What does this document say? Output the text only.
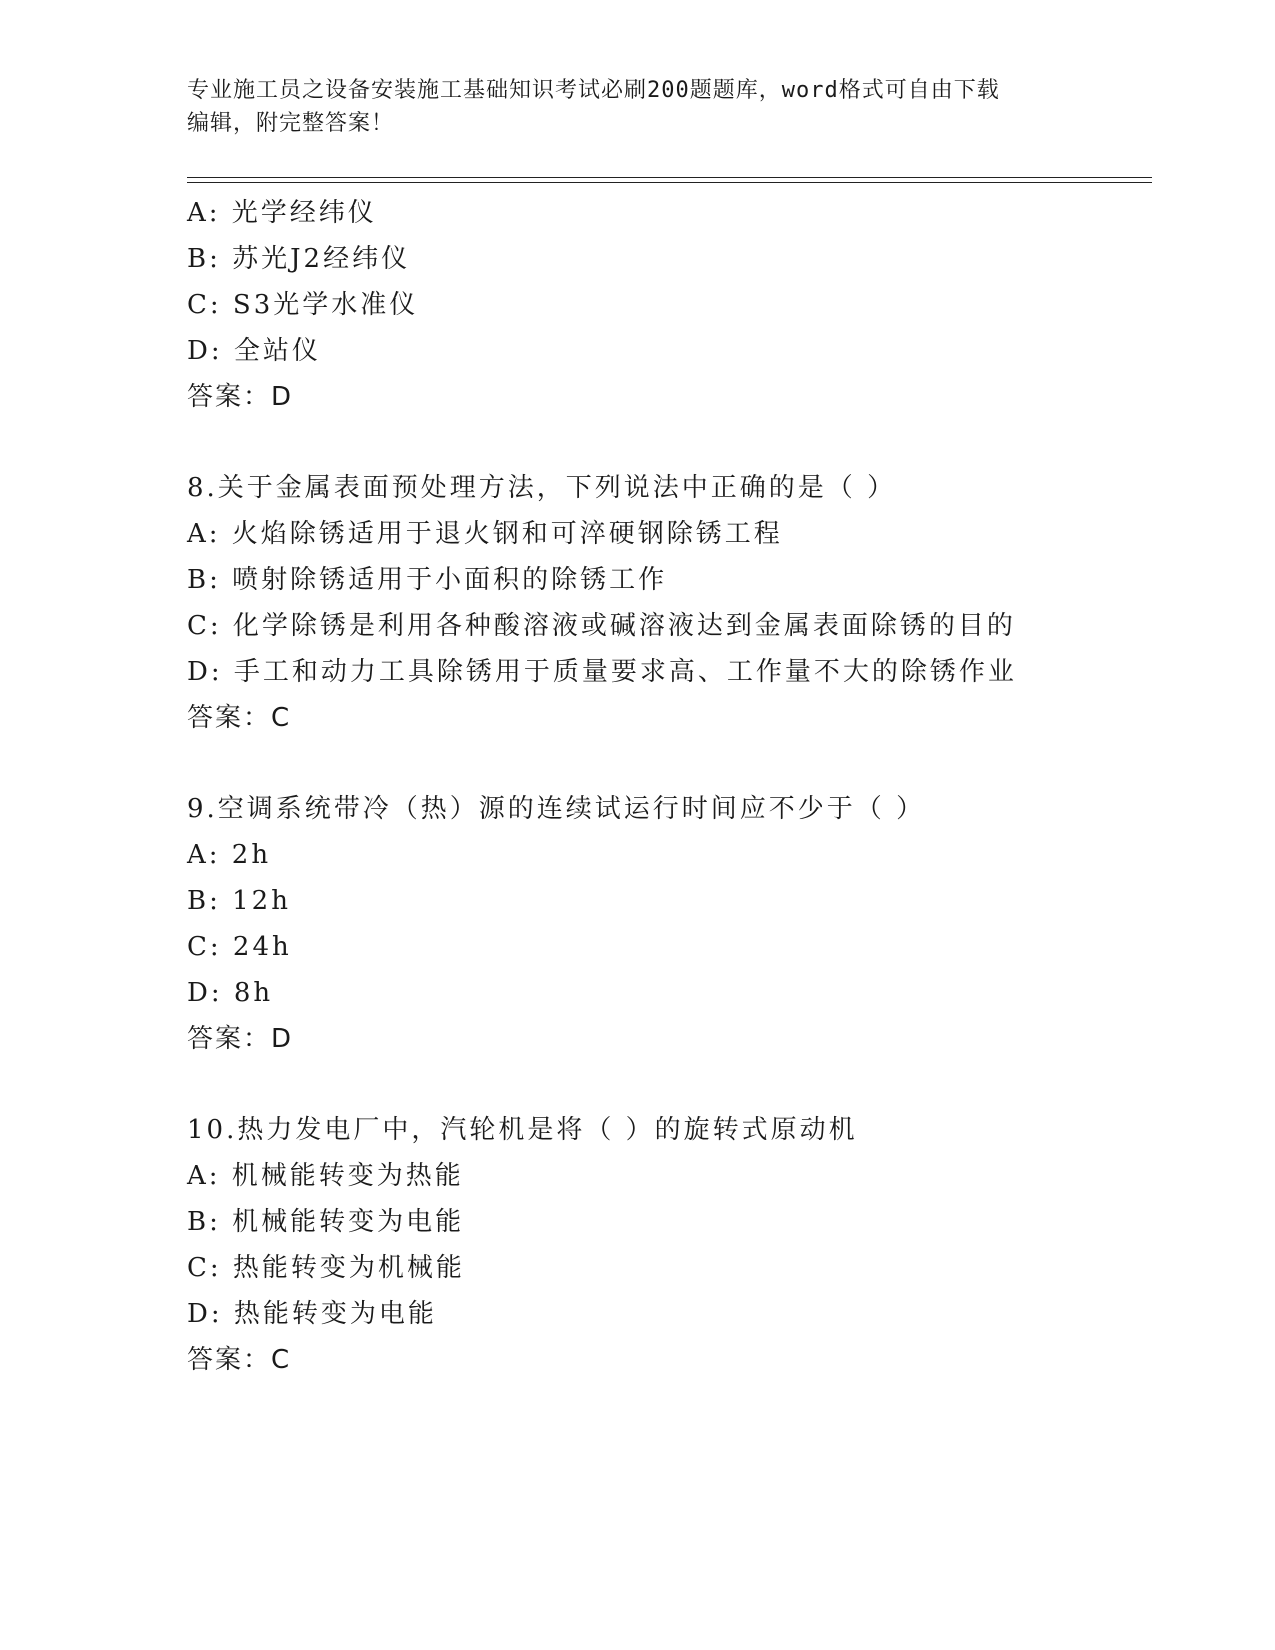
专业施工员之设备安装施工基础知识考试必刷200题题库，word格式可自由下载
编辑，附完整答案！
A: 光学经纬仪
B: 苏光J2经纬仪
C: S3光学水准仪
D: 全站仪
答案：D
8.关于金属表面预处理方法，下列说法中正确的是（ ）
A: 火焰除锈适用于退火钢和可淬硬钢除锈工程
B: 喷射除锈适用于小面积的除锈工作
C: 化学除锈是利用各种酸溶液或碱溶液达到金属表面除锈的目的
D: 手工和动力工具除锈用于质量要求高、工作量不大的除锈作业
答案：C
9.空调系统带冷（热）源的连续试运行时间应不少于（ ）
A: 2h
B: 12h
C: 24h
D: 8h
答案：D
10.热力发电厂中，汽轮机是将（ ）的旋转式原动机
A: 机械能转变为热能
B: 机械能转变为电能
C: 热能转变为机械能
D: 热能转变为电能
答案：C
